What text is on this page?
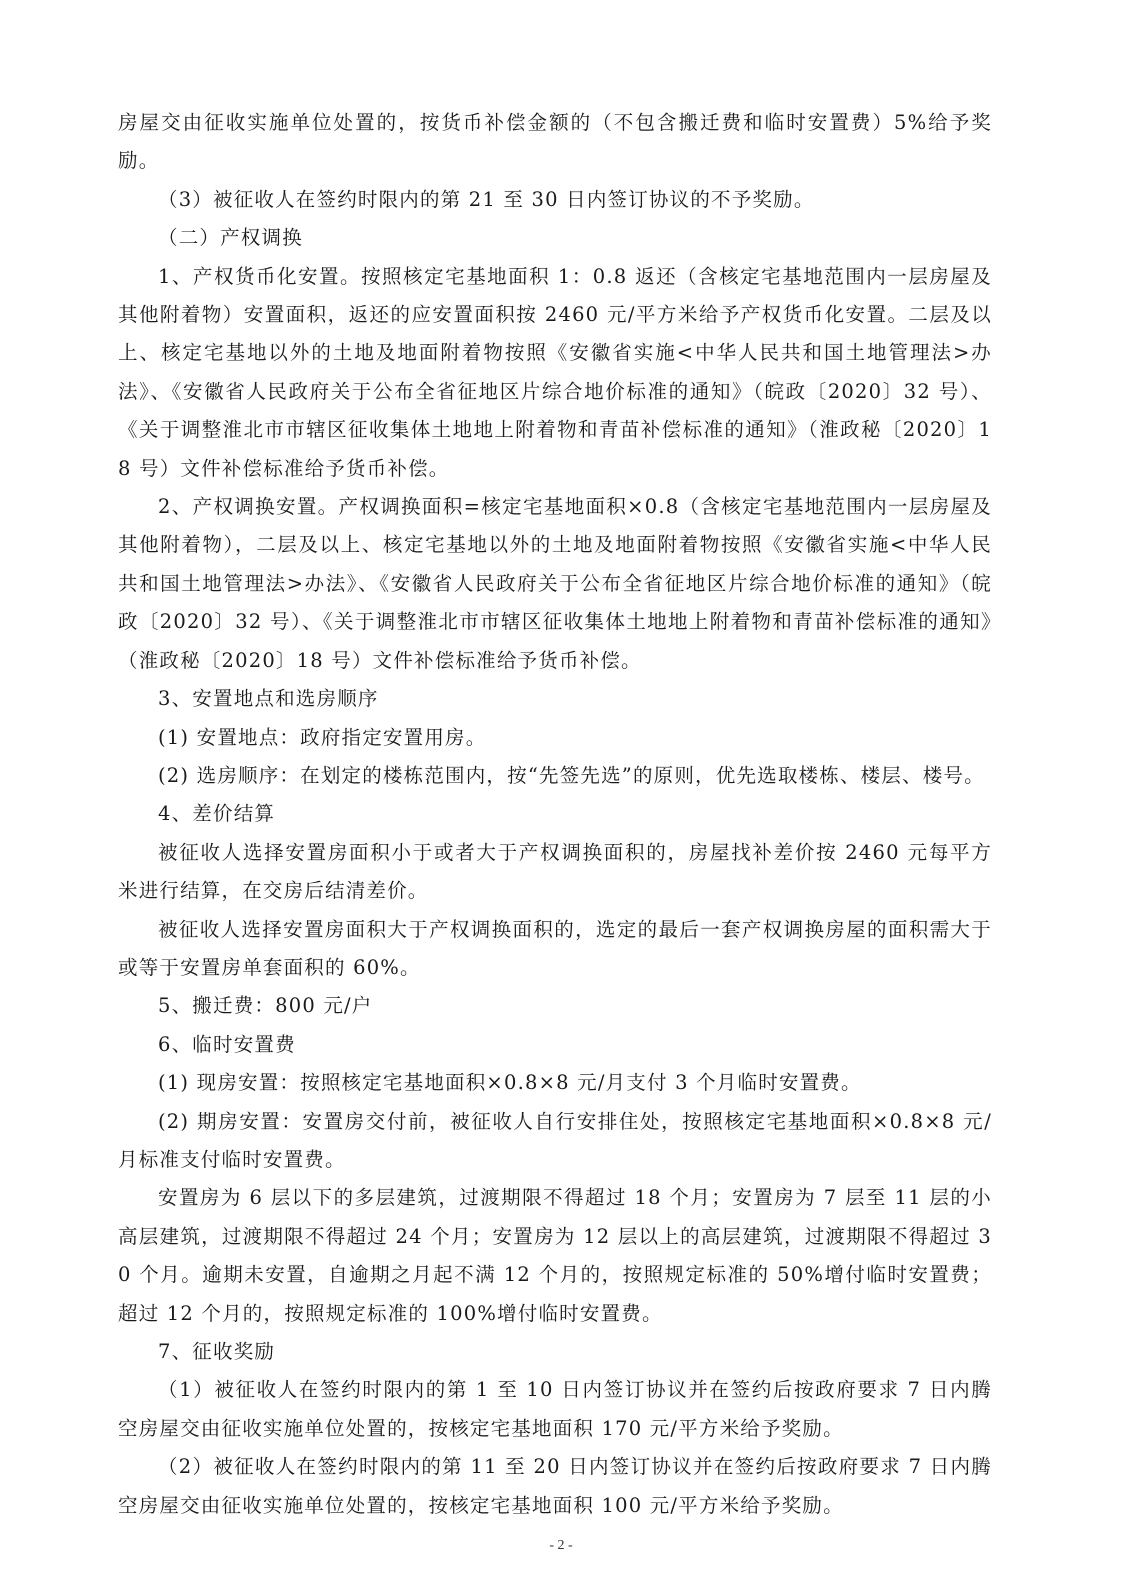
房屋交由征收实施单位处置的，按货币补偿金额的（不包含搬迁费和临时安置费）5%给予奖励。

（3）被征收人在签约时限内的第 21 至 30 日内签订协议的不予奖励。

（二）产权调换

1、产权货币化安置。按照核定宅基地面积 1：0.8 返还（含核定宅基地范围内一层房屋及其他附着物）安置面积，返还的应安置面积按 2460 元/平方米给予产权货币化安置。二层及以上、核定宅基地以外的土地及地面附着物按照《安徽省实施<中华人民共和国土地管理法>办法》、《安徽省人民政府关于公布全省征地区片综合地价标准的通知》（皖政〔2020〕32 号）、《关于调整淮北市市辖区征收集体土地地上附着物和青苗补偿标准的通知》（淮政秘〔2020〕18 号）文件补偿标准给予货币补偿。

2、产权调换安置。产权调换面积=核定宅基地面积×0.8（含核定宅基地范围内一层房屋及其他附着物），二层及以上、核定宅基地以外的土地及地面附着物按照《安徽省实施<中华人民共和国土地管理法>办法》、《安徽省人民政府关于公布全省征地区片综合地价标准的通知》（皖政〔2020〕32 号）、《关于调整淮北市市辖区征收集体土地地上附着物和青苗补偿标准的通知》（淮政秘〔2020〕18 号）文件补偿标准给予货币补偿。

3、安置地点和选房顺序

(1) 安置地点：政府指定安置用房。

(2) 选房顺序：在划定的楼栋范围内，按“先签先选”的原则，优先选取楼栋、楼层、楼号。

4、差价结算

被征收人选择安置房面积小于或者大于产权调换面积的，房屋找补差价按 2460 元每平方米进行结算，在交房后结清差价。

被征收人选择安置房面积大于产权调换面积的，选定的最后一套产权调换房屋的面积需大于或等于安置房单套面积的 60%。

5、搬迁费：800 元/户

6、临时安置费

(1) 现房安置：按照核定宅基地面积×0.8×8 元/月支付 3 个月临时安置费。

(2) 期房安置：安置房交付前，被征收人自行安排住处，按照核定宅基地面积×0.8×8 元/月标准支付临时安置费。

安置房为 6 层以下的多层建筑，过渡期限不得超过 18 个月；安置房为 7 层至 11 层的小高层建筑，过渡期限不得超过 24 个月；安置房为 12 层以上的高层建筑，过渡期限不得超过 30 个月。逾期未安置，自逾期之月起不满 12 个月的，按照规定标准的 50%增付临时安置费；超过 12 个月的，按照规定标准的 100%增付临时安置费。

7、征收奖励

（1）被征收人在签约时限内的第 1 至 10 日内签订协议并在签约后按政府要求 7 日内腾空房屋交由征收实施单位处置的，按核定宅基地面积 170 元/平方米给予奖励。

（2）被征收人在签约时限内的第 11 至 20 日内签订协议并在签约后按政府要求 7 日内腾空房屋交由征收实施单位处置的，按核定宅基地面积 100 元/平方米给予奖励。

- 2 -
